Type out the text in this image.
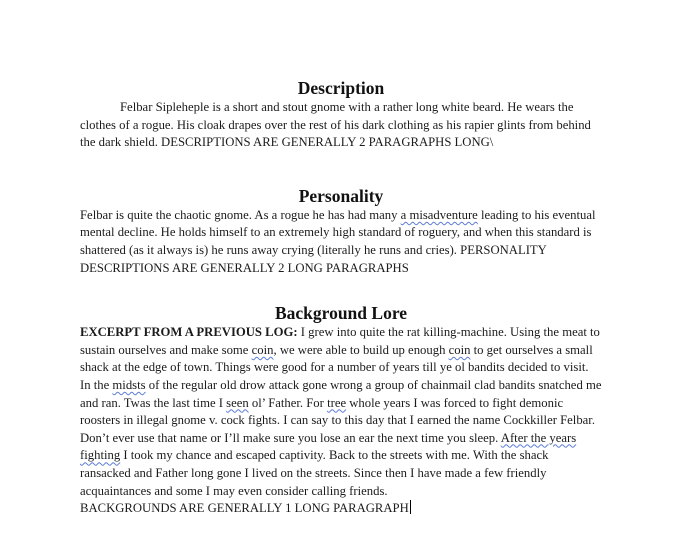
Description

Felbar Sipleheple is a short and stout gnome with a rather long white beard. He wears the clothes of a rogue. His cloak drapes over the rest of his dark clothing as his rapier glints from behind the dark shield. DESCRIPTIONS ARE GENERALLY 2 PARAGRAPHS LONG\

Personality

Felbar is quite the chaotic gnome. As a rogue he has had many a misadventure leading to his eventual mental decline. He holds himself to an extremely high standard of roguery, and when this standard is shattered (as it always is) he runs away crying (literally he runs and cries). PERSONALITY DESCRIPTIONS ARE GENERALLY 2 LONG PARAGRAPHS

Background Lore

EXCERPT FROM A PREVIOUS LOG: I grew into quite the rat killing-machine. Using the meat to sustain ourselves and make some coin, we were able to build up enough coin to get ourselves a small shack at the edge of town. Things were good for a number of years till ye ol bandits decided to visit. In the midsts of the regular old drow attack gone wrong a group of chainmail clad bandits snatched me and ran. Twas the last time I seen ol’ Father. For tree whole years I was forced to fight demonic roosters in illegal gnome v. cock fights. I can say to this day that I earned the name Cockkiller Felbar. Don’t ever use that name or I’ll make sure you lose an ear the next time you sleep. After the years fighting I took my chance and escaped captivity. Back to the streets with me. With the shack ransacked and Father long gone I lived on the streets. Since then I have made a few friendly acquaintances and some I may even consider calling friends.

BACKGROUNDS ARE GENERALLY 1 LONG PARAGRAPH
